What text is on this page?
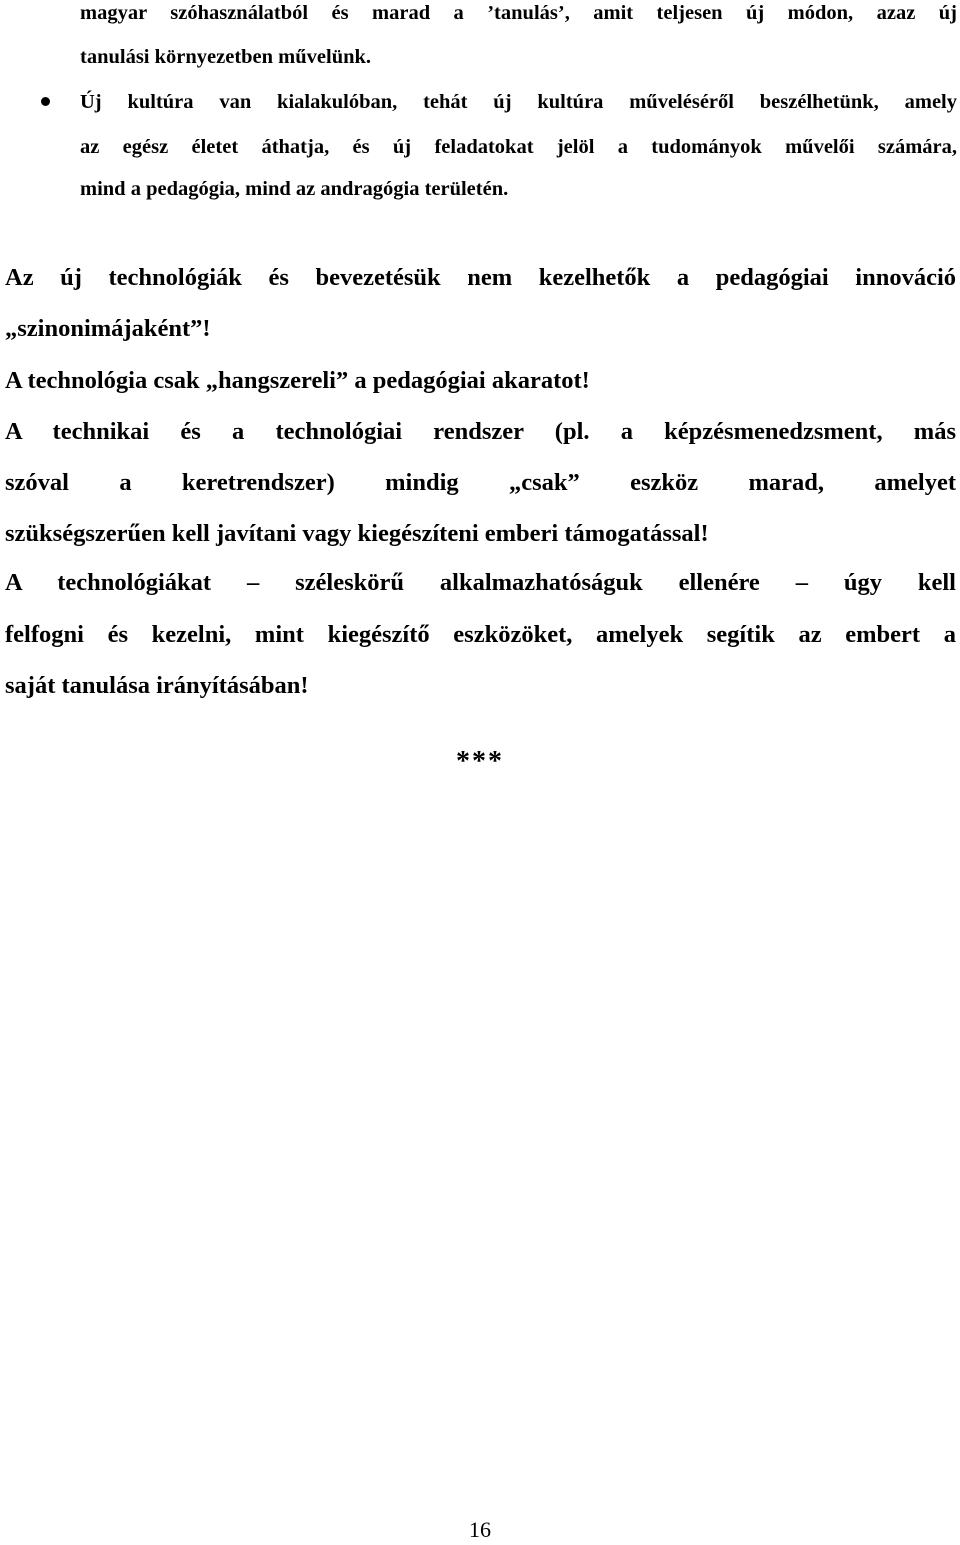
magyar szóhasználatból és marad a ’tanulás’, amit teljesen új módon, azaz új
tanulási környezetben művelünk.
Új kultúra van kialakulóban, tehát új kultúra műveléséről beszélhetünk, amely
az egész életet áthatja, és új feladatokat jelöl a tudományok művelői számára,
mind a pedagógia, mind az andragógia területén.
Az új technológiák és bevezetésük nem kezelhetők a pedagógiai innováció
„szinonimájaként”!
A technológia csak „hangszereli” a pedagógiai akaratot!
A technikai és a technológiai rendszer (pl. a képzésmenedzsment, más
szóval a keretrendszer) mindig „csak” eszköz marad, amelyet
szükségszerűen kell javítani vagy kiegészíteni emberi támogatással!
A technológiákat – széleskörű alkalmazhatóságuk ellenére – úgy kell
felfogni és kezelni, mint kiegészítő eszközöket, amelyek segítik az embert a
saját tanulása irányításában!
***
16
